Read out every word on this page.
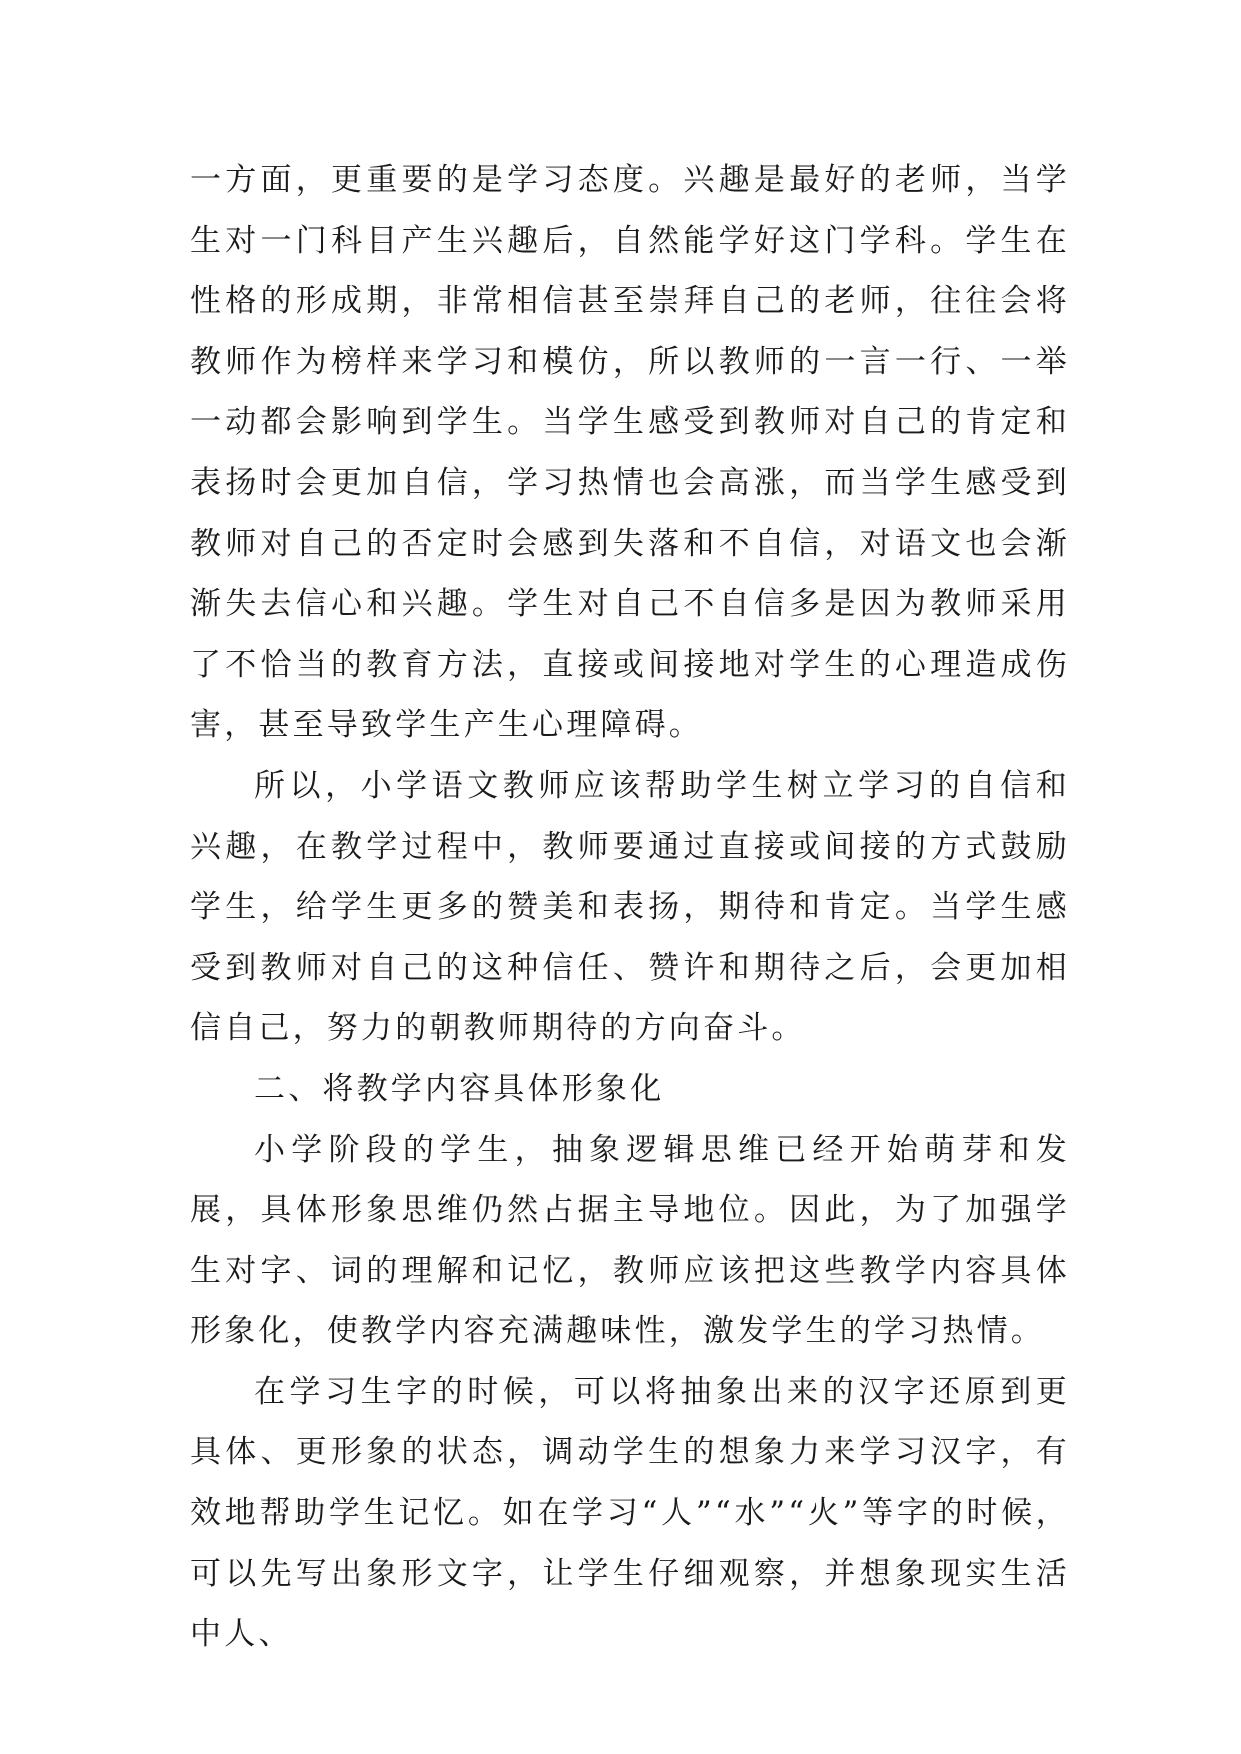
一方面，更重要的是学习态度。兴趣是最好的老师，当学生对一门科目产生兴趣后，自然能学好这门学科。学生在性格的形成期，非常相信甚至崇拜自己的老师，往往会将教师作为榜样来学习和模仿，所以教师的一言一行、一举一动都会影响到学生。当学生感受到教师对自己的肯定和表扬时会更加自信，学习热情也会高涨，而当学生感受到教师对自己的否定时会感到失落和不自信，对语文也会渐渐失去信心和兴趣。学生对自己不自信多是因为教师采用了不恰当的教育方法，直接或间接地对学生的心理造成伤害，甚至导致学生产生心理障碍。

所以，小学语文教师应该帮助学生树立学习的自信和兴趣，在教学过程中，教师要通过直接或间接的方式鼓励学生，给学生更多的赞美和表扬，期待和肯定。当学生感受到教师对自己的这种信任、赞许和期待之后，会更加相信自己，努力的朝教师期待的方向奋斗。

二、将教学内容具体形象化

小学阶段的学生，抽象逻辑思维已经开始萌芽和发展，具体形象思维仍然占据主导地位。因此，为了加强学生对字、词的理解和记忆，教师应该把这些教学内容具体形象化，使教学内容充满趣味性，激发学生的学习热情。

在学习生字的时候，可以将抽象出来的汉字还原到更具体、更形象的状态，调动学生的想象力来学习汉字，有效地帮助学生记忆。如在学习“人”“水”“火”等字的时候，可以先写出象形文字，让学生仔细观察，并想象现实生活中人、
